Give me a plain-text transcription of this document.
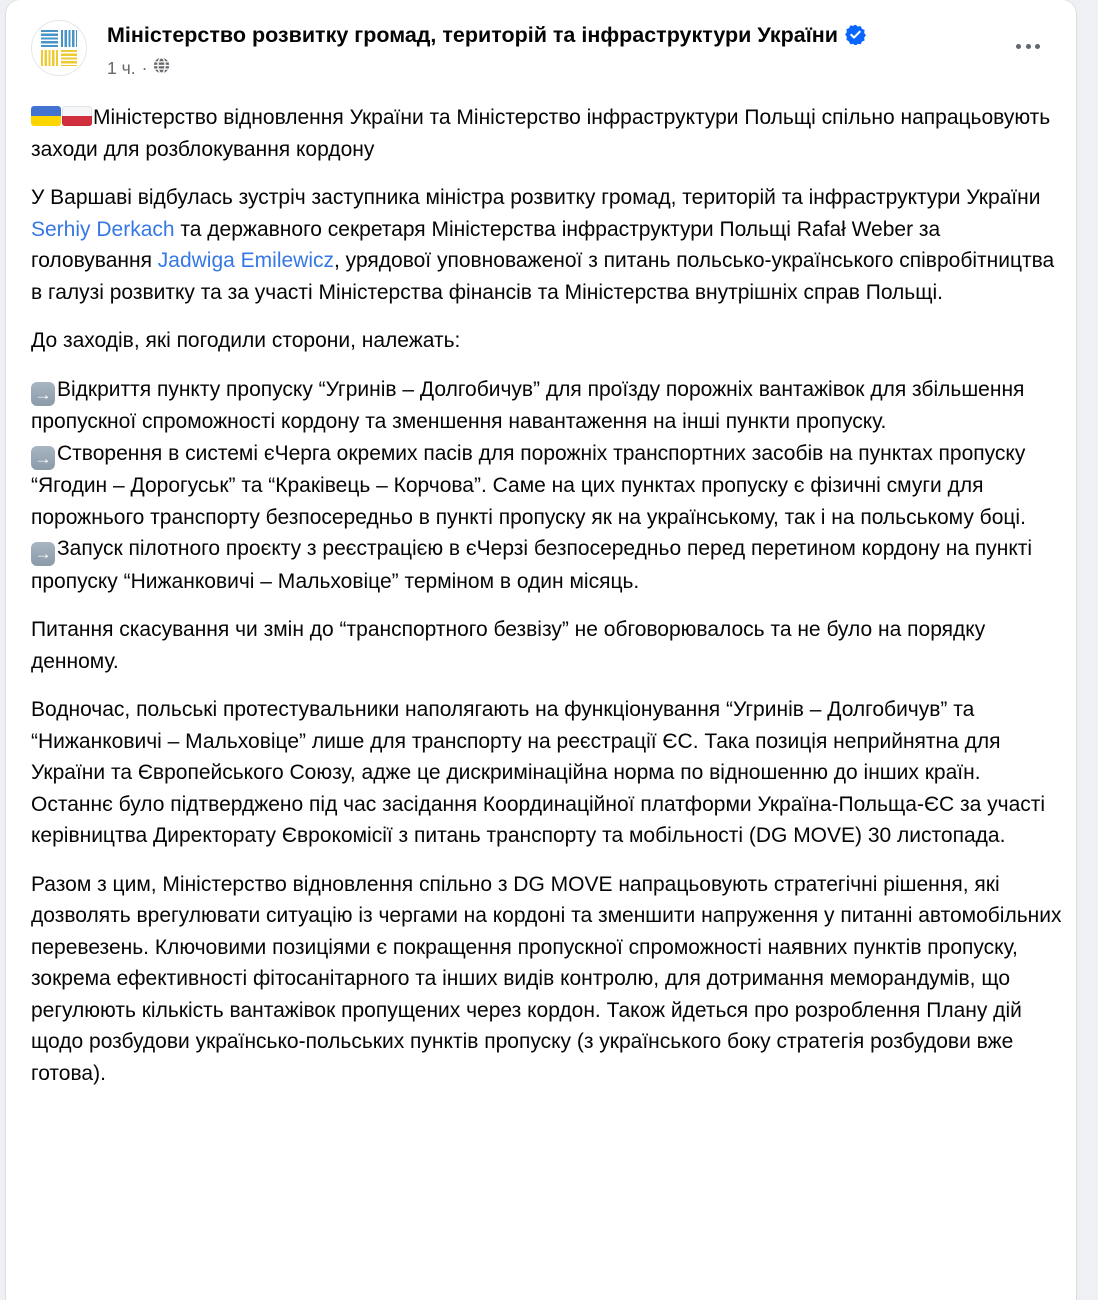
Міністерство розвитку громад, територій та інфраструктури України
1 ч. ·

Міністерство відновлення України та Міністерство інфраструктури Польщі спільно напрацьовують заходи для розблокування кордону

У Варшаві відбулась зустріч заступника міністра розвитку громад, територій та інфраструктури України Serhiy Derkach та державного секретаря Міністерства інфраструктури Польщі Rafał Weber за головування Jadwiga Emilewicz, урядової уповноваженої з питань польсько-українського співробітництва в галузі розвитку та за участі Міністерства фінансів та Міністерства внутрішніх справ Польщі.

До заходів, які погодили сторони, належать:

→ Відкриття пункту пропуску “Угринів – Долгобичув” для проїзду порожніх вантажівок для збільшення пропускної спроможності кордону та зменшення навантаження на інші пункти пропуску.

→ Створення в системі єЧерга окремих пасів для порожніх транспортних засобів на пунктах пропуску “Ягодин – Дорогуськ” та “Краківець – Корчова”. Саме на цих пунктах пропуску є фізичні смуги для порожнього транспорту безпосередньо в пункті пропуску як на українському, так і на польському боці.

→ Запуск пілотного проєкту з реєстрацією в єЧерзі безпосередньо перед перетином кордону на пункті пропуску “Нижанковичі – Мальховіце” терміном в один місяць.

Питання скасування чи змін до “транспортного безвізу” не обговорювалось та не було на порядку денному.

Водночас, польські протестувальники наполягають на функціонування “Угринів – Долгобичув” та “Нижанковичі – Мальховіце” лише для транспорту на реєстрації ЄС. Така позиція неприйнятна для України та Європейського Союзу, адже це дискримінаційна норма по відношенню до інших країн. Останнє було підтверджено під час засідання Координаційної платформи Україна-Польща-ЄС за участі керівництва Директорату Єврокомісії з питань транспорту та мобільності (DG MOVE) 30 листопада.

Разом з цим, Міністерство відновлення спільно з DG MOVE напрацьовують стратегічні рішення, які дозволять врегулювати ситуацію із чергами на кордоні та зменшити напруження у питанні автомобільних перевезень. Ключовими позиціями є покращення пропускної спроможності наявних пунктів пропуску, зокрема ефективності фітосанітарного та інших видів контролю, для дотримання меморандумів, що регулюють кількість вантажівок пропущених через кордон. Також йдеться про розроблення Плану дій щодо розбудови українсько-польських пунктів пропуску (з українського боку стратегія розбудови вже готова).
